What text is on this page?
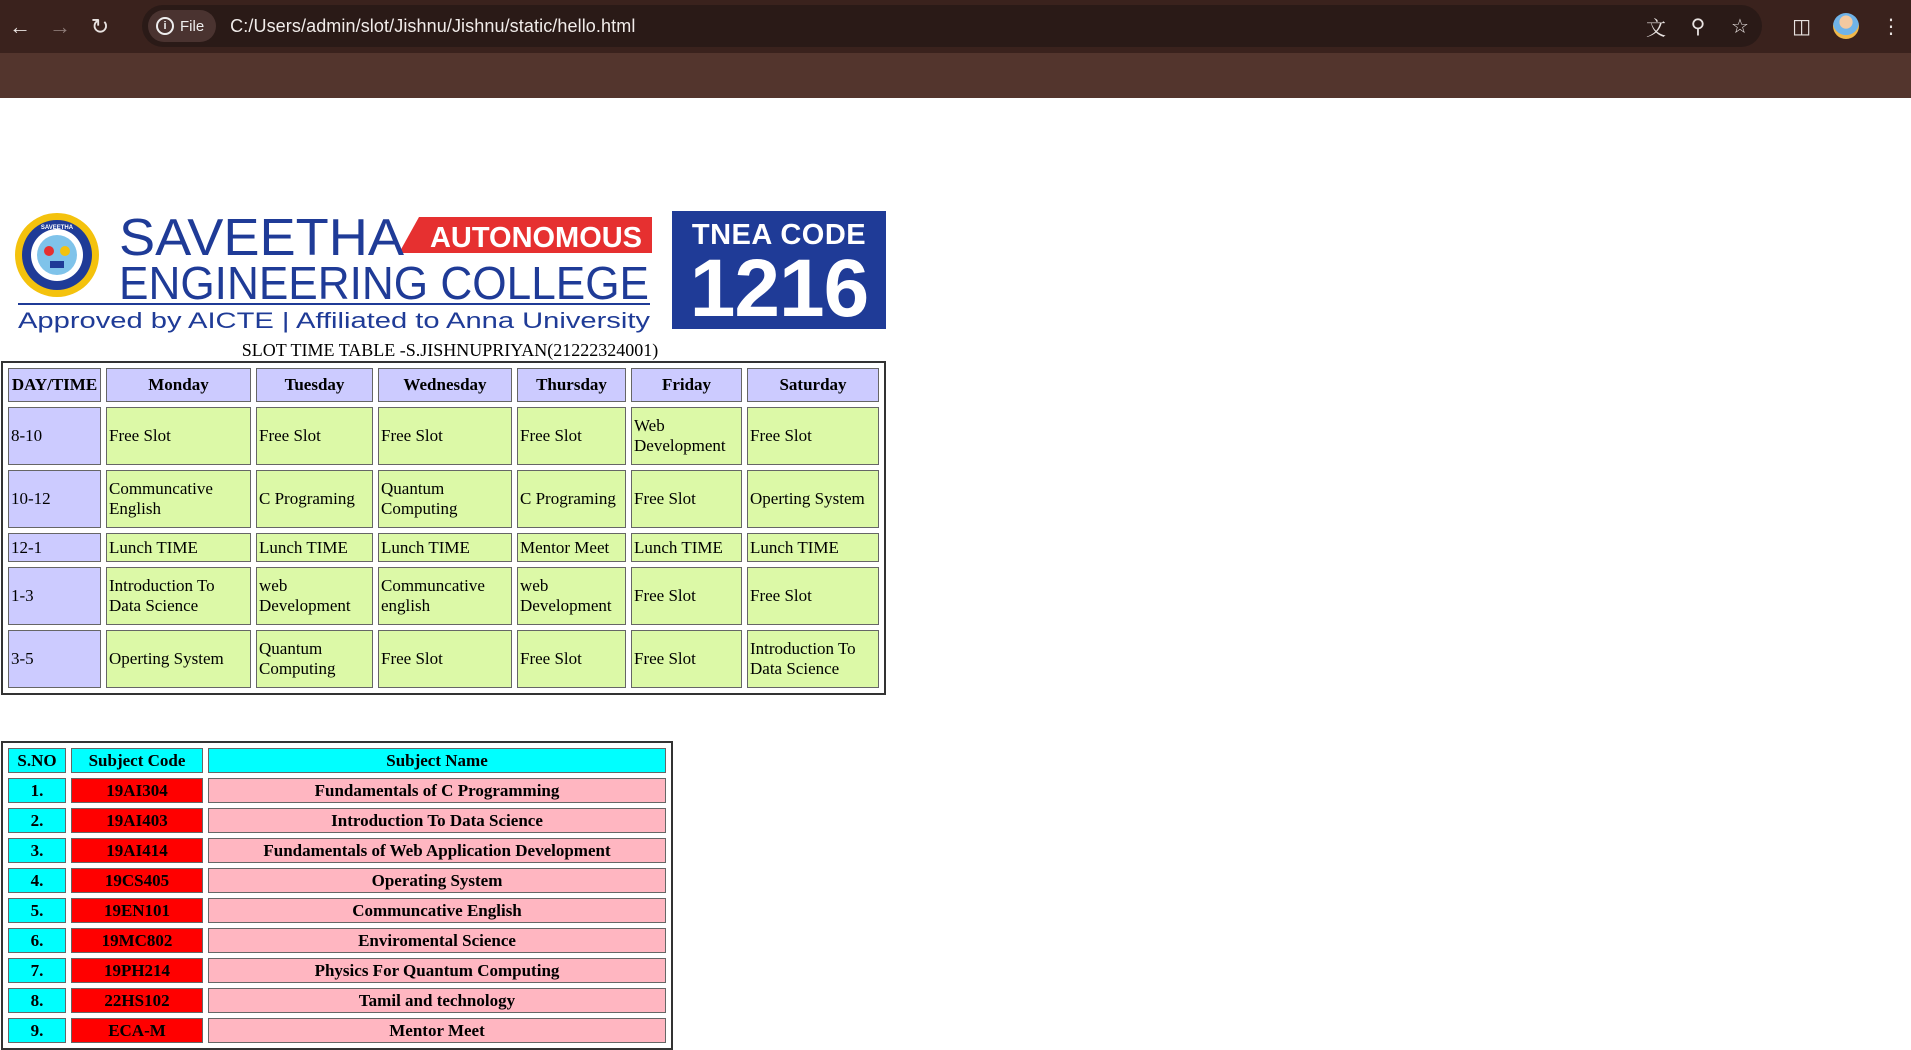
← → ↻	i File C:/Users/admin/slot/Jishnu/Jishnu/static/hello.html	文 ⚲ ☆ ◫	⋮
SAVEETHA SAVEETHA AUTONOMOUS
ENGINEERING COLLEGE
Approved by AICTE | Affiliated to Anna University
TNEA CODE
1216
SLOT TIME TABLE -S.JISHNUPRIYAN(21222324001)
DAY/TIME	Monday	Tuesday	Wednesday	Thursday	Friday	Saturday
8-10	Free Slot	Free Slot	Free Slot	Free Slot	Web Development	Free Slot
10-12	Communcative English	C Programing	Quantum Computing	C Programing	Free Slot	Operting System
12-1	Lunch TIME	Lunch TIME	Lunch TIME	Mentor Meet	Lunch TIME	Lunch TIME
1-3	Introduction To Data Science	web Development	Communcative english	web Development	Free Slot	Free Slot
3-5	Operting System	Quantum Computing	Free Slot	Free Slot	Free Slot	Introduction To Data Science
S.NO	Subject Code	Subject Name
1.	19AI304	Fundamentals of C Programming
2.	19AI403	Introduction To Data Science
3.	19AI414	Fundamentals of Web Application Development
4.	19CS405	Operating System
5.	19EN101	Communcative English
6.	19MC802	Enviromental Science
7.	19PH214	Physics For Quantum Computing
8.	22HS102	Tamil and technology
9.	ECA-M	Mentor Meet
